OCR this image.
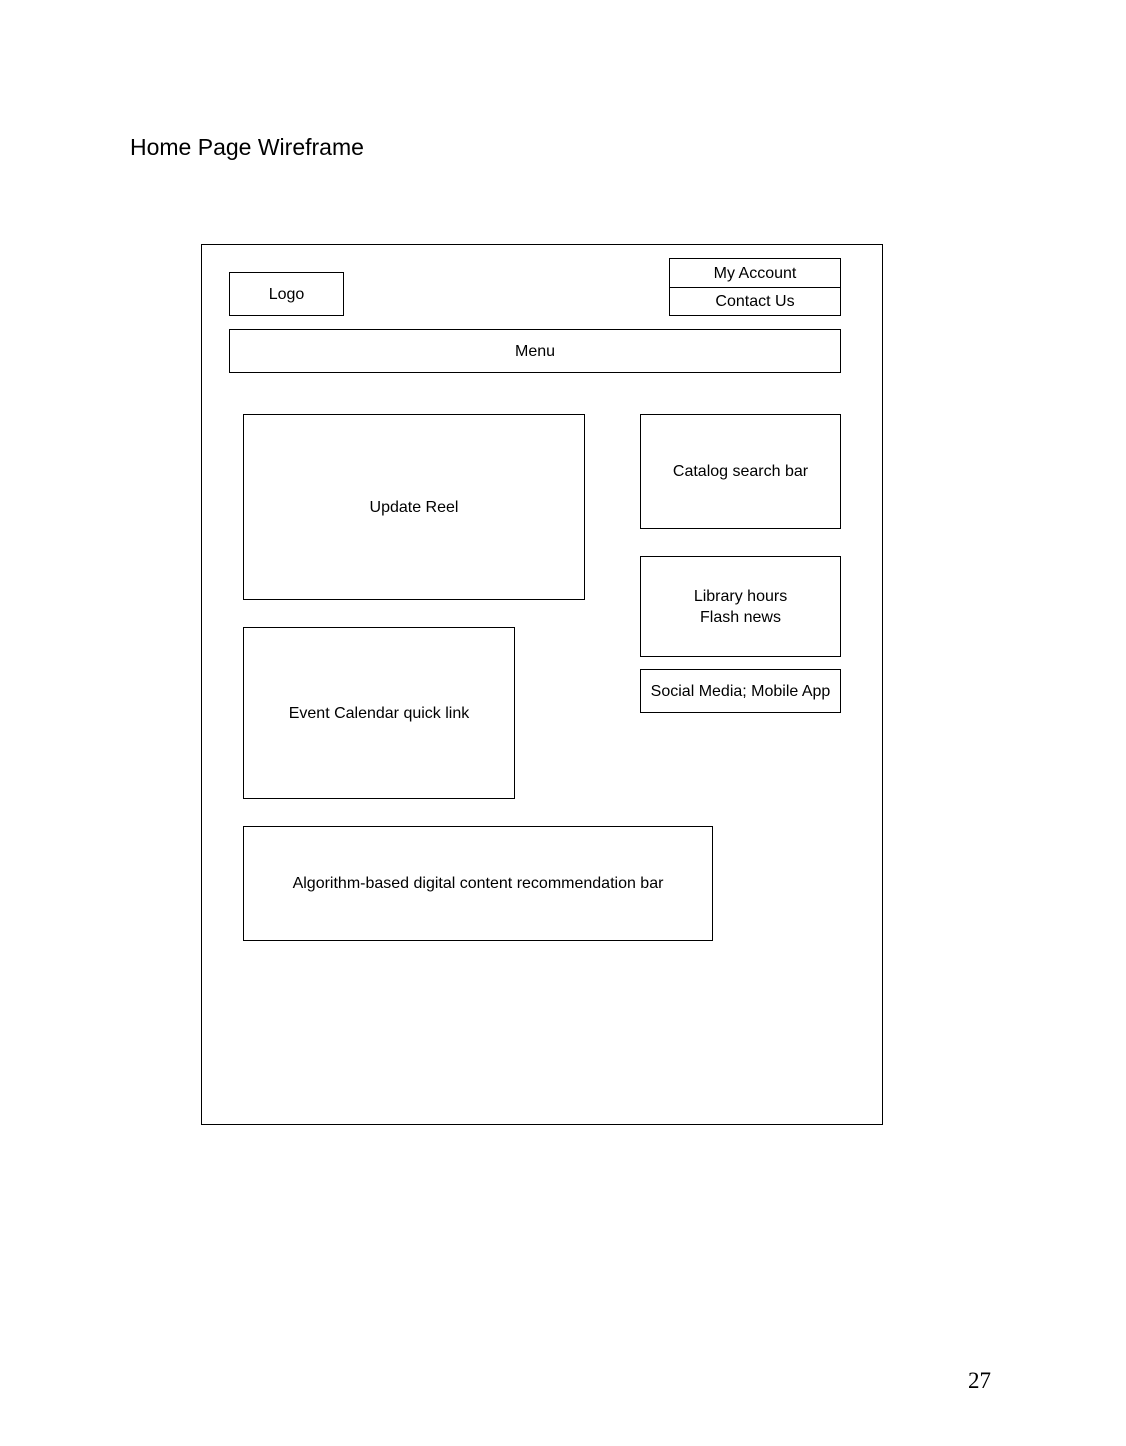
Home Page Wireframe
Logo
My Account
Contact Us
Menu
Update Reel
Catalog search bar
Library hours
Flash news
Social Media; Mobile App
Event Calendar quick link
Algorithm-based digital content recommendation bar
27
